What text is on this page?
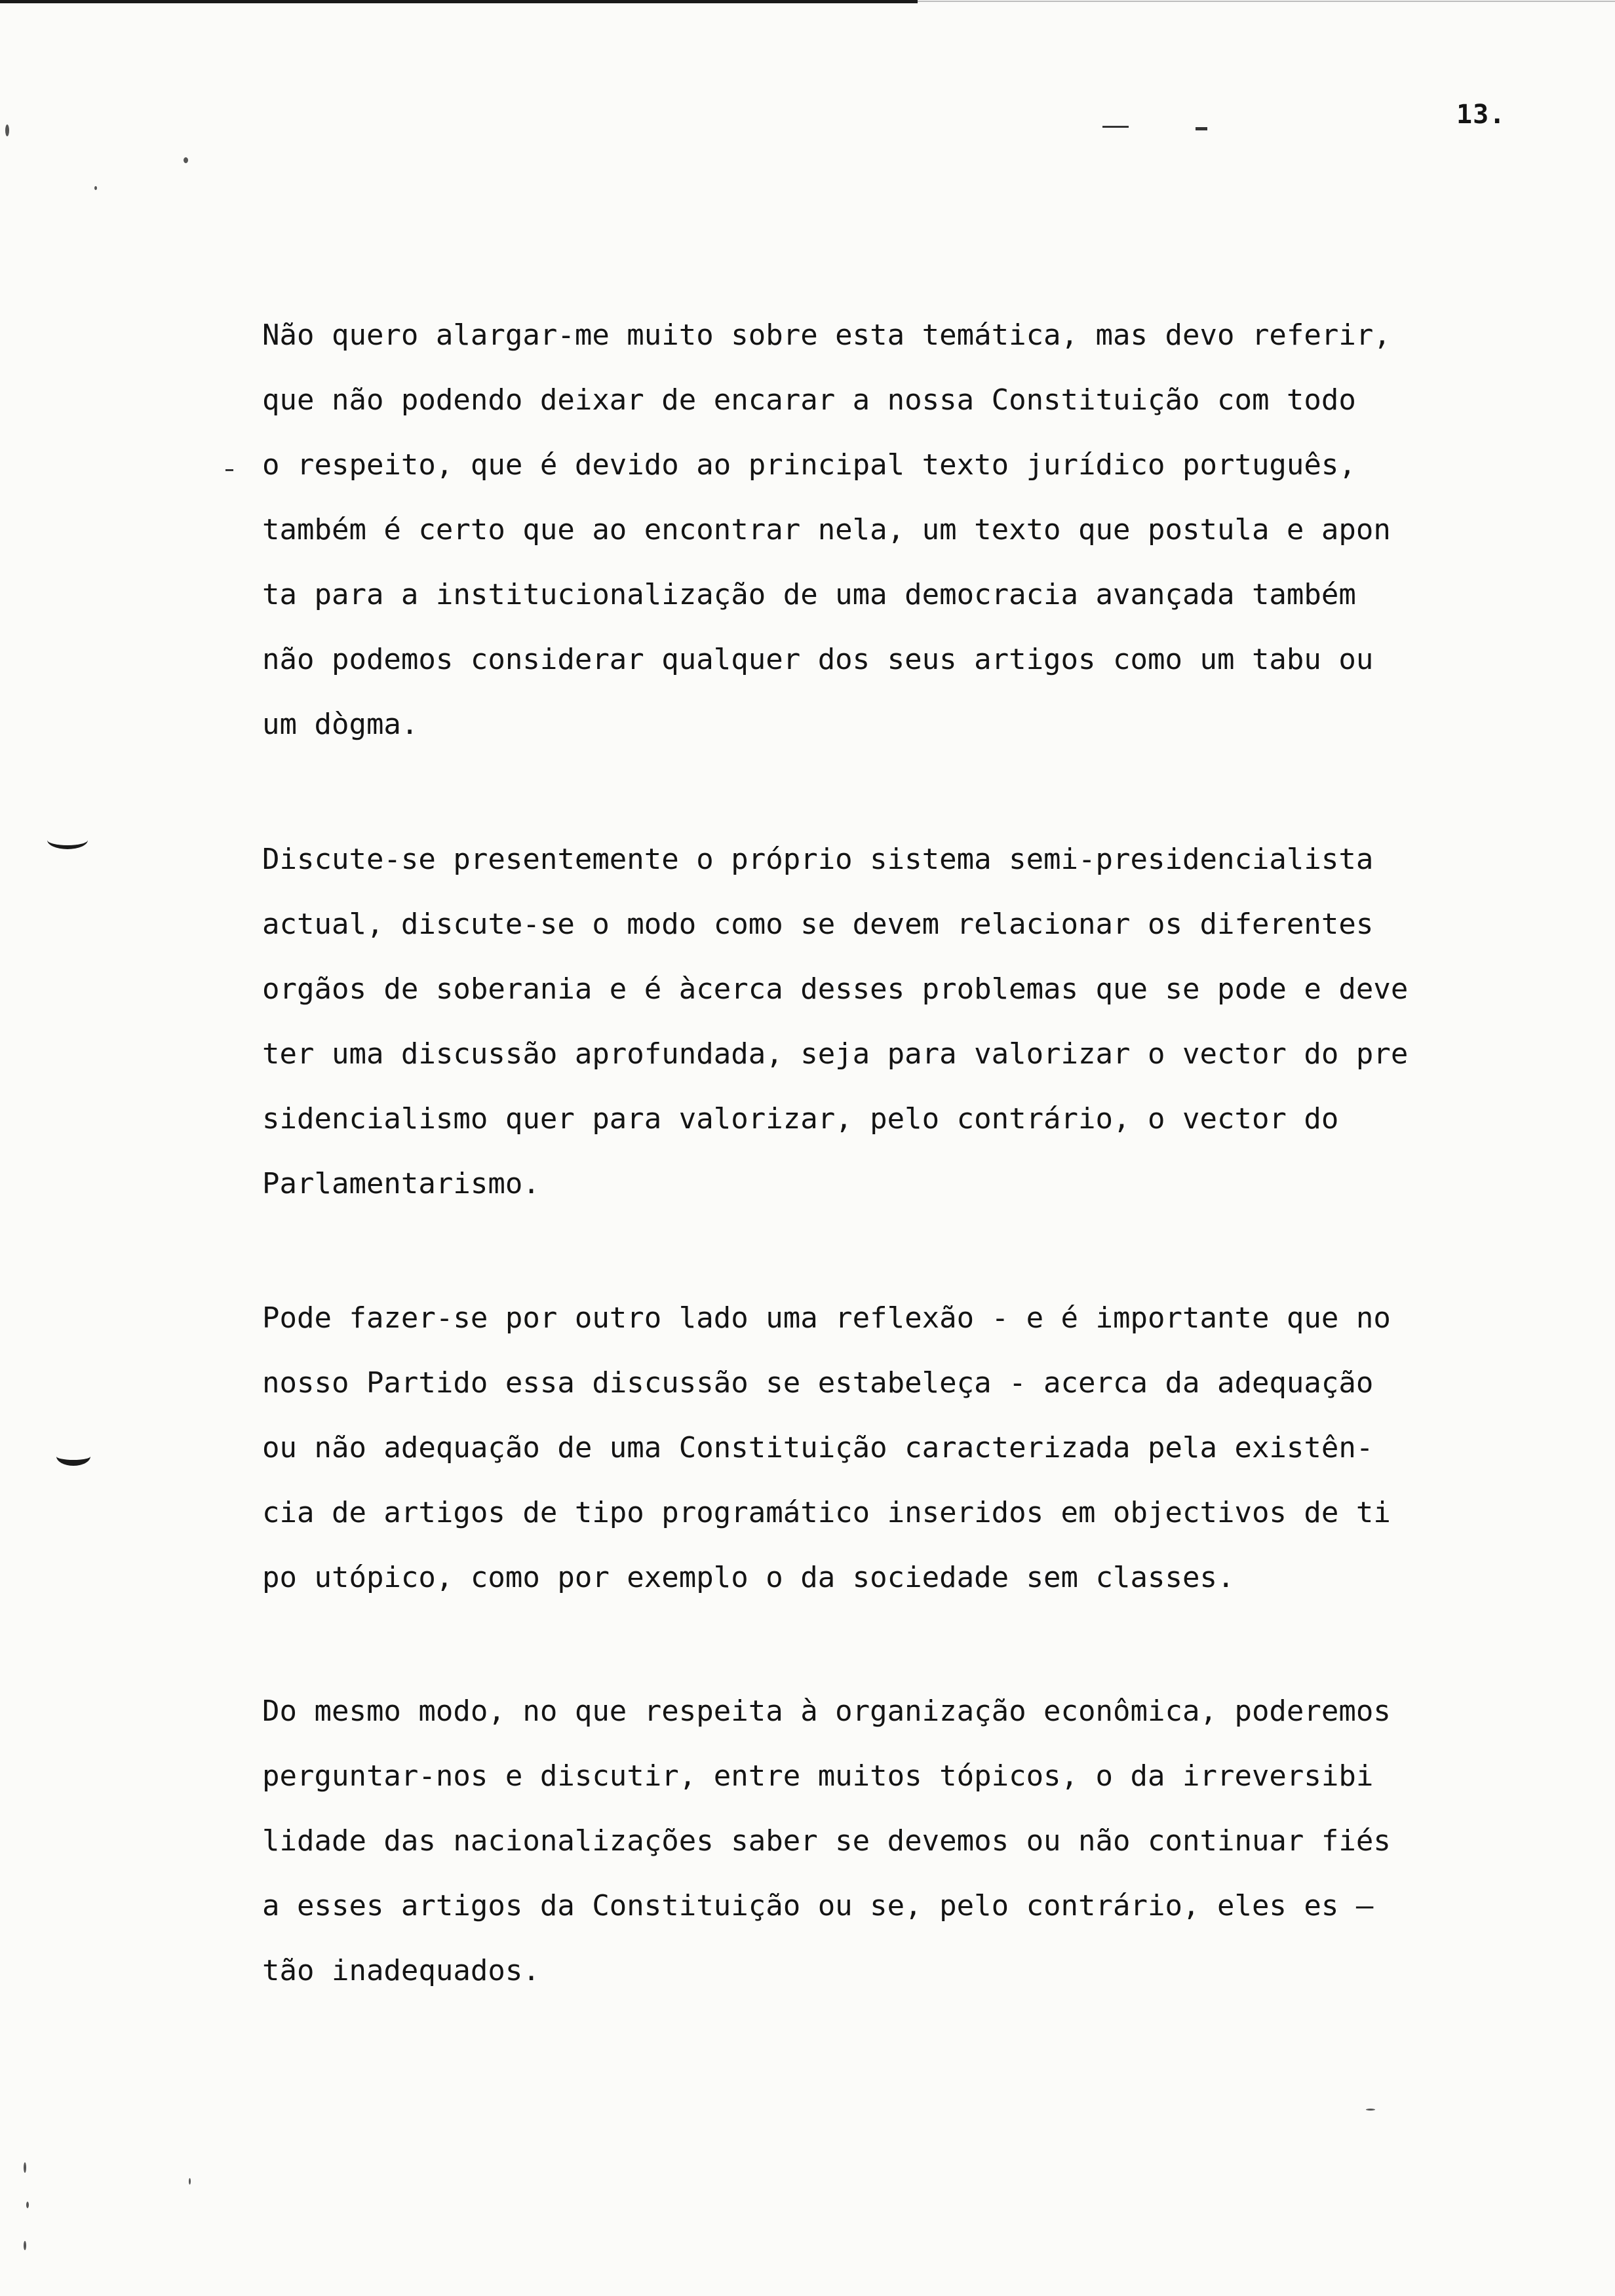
13.
Não quero alargar-me muito sobre esta temática, mas devo referir,
que não podendo deixar de encarar a nossa Constituição com todo
o respeito, que é devido ao principal texto jurídico português,
também é certo que ao encontrar nela, um texto que postula e apon
ta para a institucionalização de uma democracia avançada também
não podemos considerar qualquer dos seus artigos como um tabu ou
um dògma.
Discute-se presentemente o próprio sistema semi-presidencialista
actual, discute-se o modo como se devem relacionar os diferentes
orgãos de soberania e é àcerca desses problemas que se pode e deve
ter uma discussão aprofundada, seja para valorizar o vector do pre
sidencialismo quer para valorizar, pelo contrário, o vector do
Parlamentarismo.
Pode fazer-se por outro lado uma reflexão - e é importante que no
nosso Partido essa discussão se estabeleça - acerca da adequação
ou não adequação de uma Constituição caracterizada pela existên-
cia de artigos de tipo programático inseridos em objectivos de ti
po utópico, como por exemplo o da sociedade sem classes.
Do mesmo modo, no que respeita à organização econômica, poderemos
perguntar-nos e discutir, entre muitos tópicos, o da irreversibi
lidade das nacionalizações saber se devemos ou não continuar fiés
a esses artigos da Constituição ou se, pelo contrário, eles es —
tão inadequados.
